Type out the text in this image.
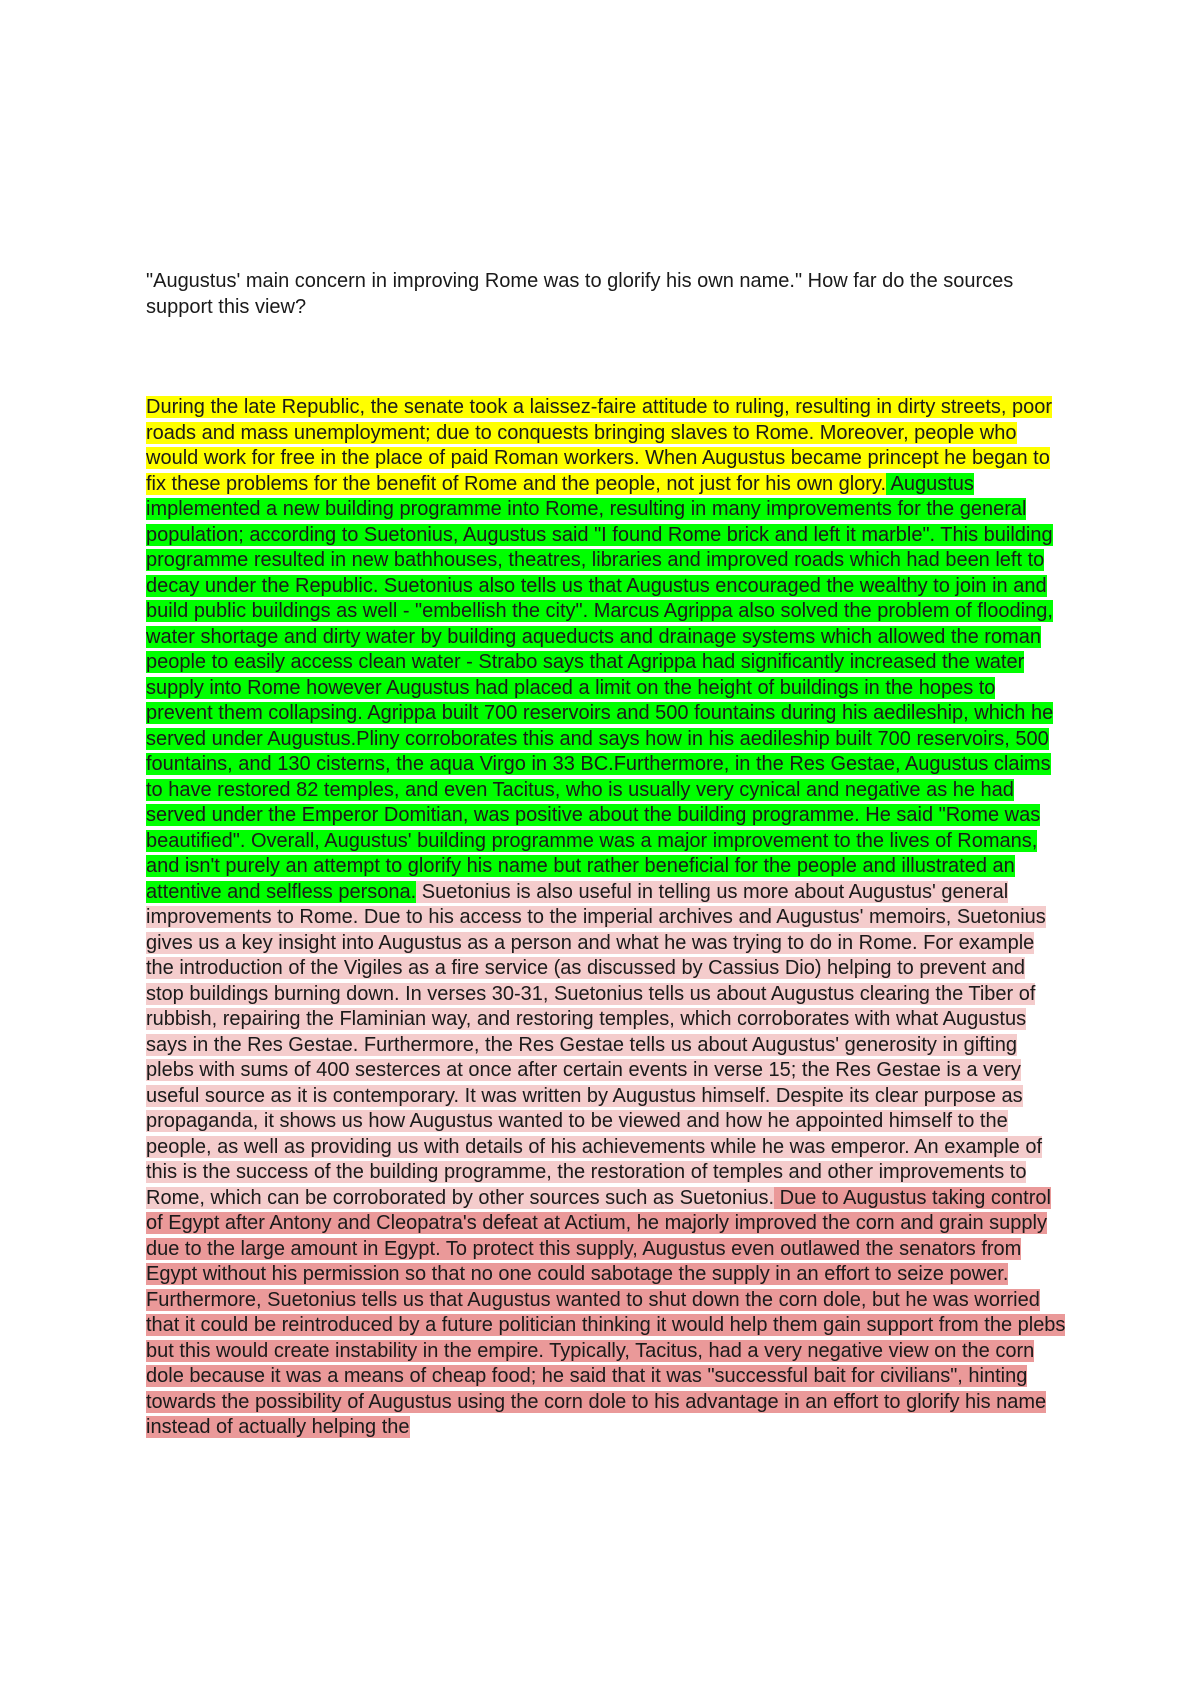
"Augustus' main concern in improving Rome was to glorify his own name." How far do the sources support this view?

During the late Republic, the senate took a laissez-faire attitude to ruling, resulting in dirty streets, poor roads and mass unemployment; due to conquests bringing slaves to Rome. Moreover, people who would work for free in the place of paid Roman workers. When Augustus became princept he began to fix these problems for the benefit of Rome and the people, not just for his own glory. Augustus implemented a new building programme into Rome, resulting in many improvements for the general population; according to Suetonius, Augustus said "I found Rome brick and left it marble". This building programme resulted in new bathhouses, theatres, libraries and improved roads which had been left to decay under the Republic. Suetonius also tells us that Augustus encouraged the wealthy to join in and build public buildings as well - "embellish the city". Marcus Agrippa also solved the problem of flooding, water shortage and dirty water by building aqueducts and drainage systems which allowed the roman people to easily access clean water - Strabo says that Agrippa had significantly increased the water supply into Rome however Augustus had placed a limit on the height of buildings in the hopes to prevent them collapsing. Agrippa built 700 reservoirs and 500 fountains during his aedileship, which he served under Augustus.Pliny corroborates this and says how in his aedileship built 700 reservoirs, 500 fountains, and 130 cisterns, the aqua Virgo in 33 BC.Furthermore, in the Res Gestae, Augustus claims to have restored 82 temples, and even Tacitus, who is usually very cynical and negative as he had served under the Emperor Domitian, was positive about the building programme. He said "Rome was beautified". Overall, Augustus' building programme was a major improvement to the lives of Romans, and isn't purely an attempt to glorify his name but rather beneficial for the people and illustrated an attentive and selfless persona. Suetonius is also useful in telling us more about Augustus' general improvements to Rome. Due to his access to the imperial archives and Augustus' memoirs, Suetonius gives us a key insight into Augustus as a person and what he was trying to do in Rome. For example the introduction of the Vigiles as a fire service (as discussed by Cassius Dio) helping to prevent and stop buildings burning down. In verses 30-31, Suetonius tells us about Augustus clearing the Tiber of rubbish, repairing the Flaminian way, and restoring temples, which corroborates with what Augustus says in the Res Gestae. Furthermore, the Res Gestae tells us about Augustus' generosity in gifting plebs with sums of 400 sesterces at once after certain events in verse 15; the Res Gestae is a very useful source as it is contemporary. It was written by Augustus himself. Despite its clear purpose as propaganda, it shows us how Augustus wanted to be viewed and how he appointed himself to the people, as well as providing us with details of his achievements while he was emperor. An example of this is the success of the building programme, the restoration of temples and other improvements to Rome, which can be corroborated by other sources such as Suetonius. Due to Augustus taking control of Egypt after Antony and Cleopatra's defeat at Actium, he majorly improved the corn and grain supply due to the large amount in Egypt. To protect this supply, Augustus even outlawed the senators from Egypt without his permission so that no one could sabotage the supply in an effort to seize power. Furthermore, Suetonius tells us that Augustus wanted to shut down the corn dole, but he was worried that it could be reintroduced by a future politician thinking it would help them gain support from the plebs but this would create instability in the empire. Typically, Tacitus, had a very negative view on the corn dole because it was a means of cheap food; he said that it was "successful bait for civilians", hinting towards the possibility of Augustus using the corn dole to his advantage in an effort to glorify his name instead of actually helping the
